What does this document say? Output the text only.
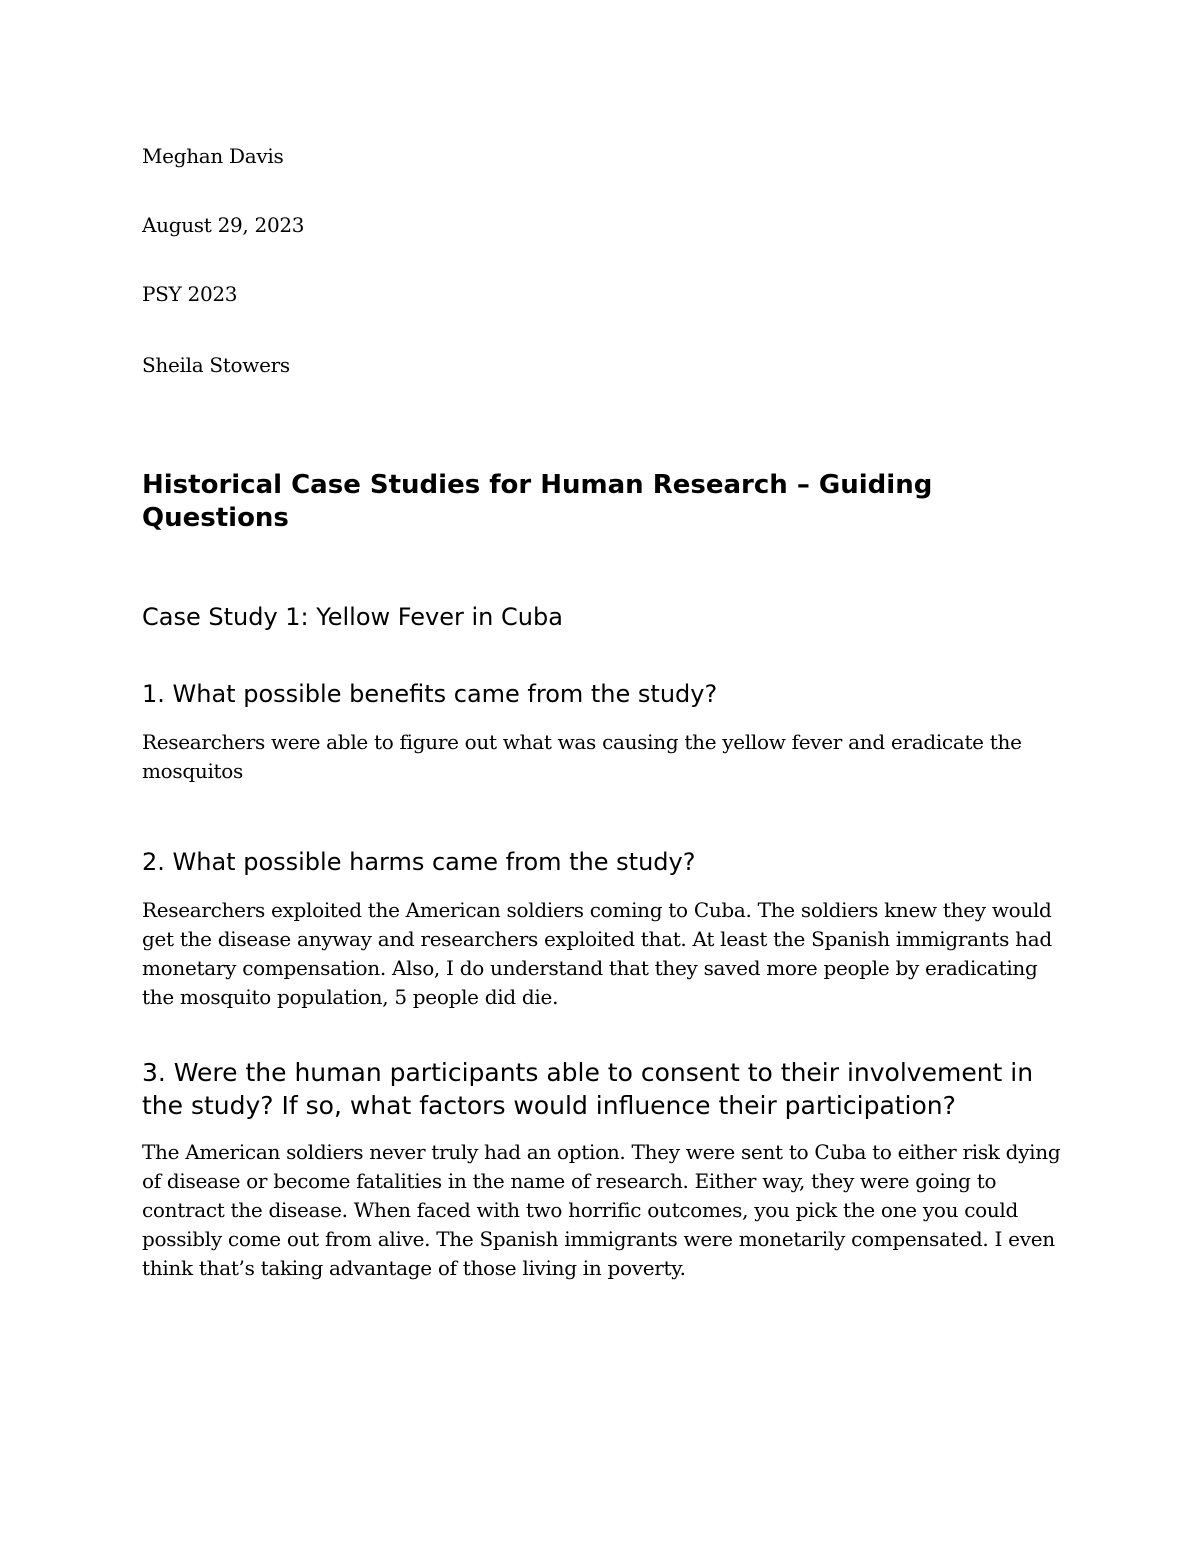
Meghan Davis

August 29, 2023

PSY 2023

Sheila Stowers

Historical Case Studies for Human Research – Guiding Questions
Case Study 1: Yellow Fever in Cuba
1. What possible benefits came from the study?

Researchers were able to figure out what was causing the yellow fever and eradicate the mosquitos

2. What possible harms came from the study?

Researchers exploited the American soldiers coming to Cuba. The soldiers knew they would get the disease anyway and researchers exploited that. At least the Spanish immigrants had monetary compensation. Also, I do understand that they saved more people by eradicating the mosquito population, 5 people did die.

3. Were the human participants able to consent to their involvement in the study? If so, what factors would influence their participation?

The American soldiers never truly had an option. They were sent to Cuba to either risk dying of disease or become fatalities in the name of research. Either way, they were going to contract the disease. When faced with two horrific outcomes, you pick the one you could possibly come out from alive. The Spanish immigrants were monetarily compensated. I even think that’s taking advantage of those living in poverty.
